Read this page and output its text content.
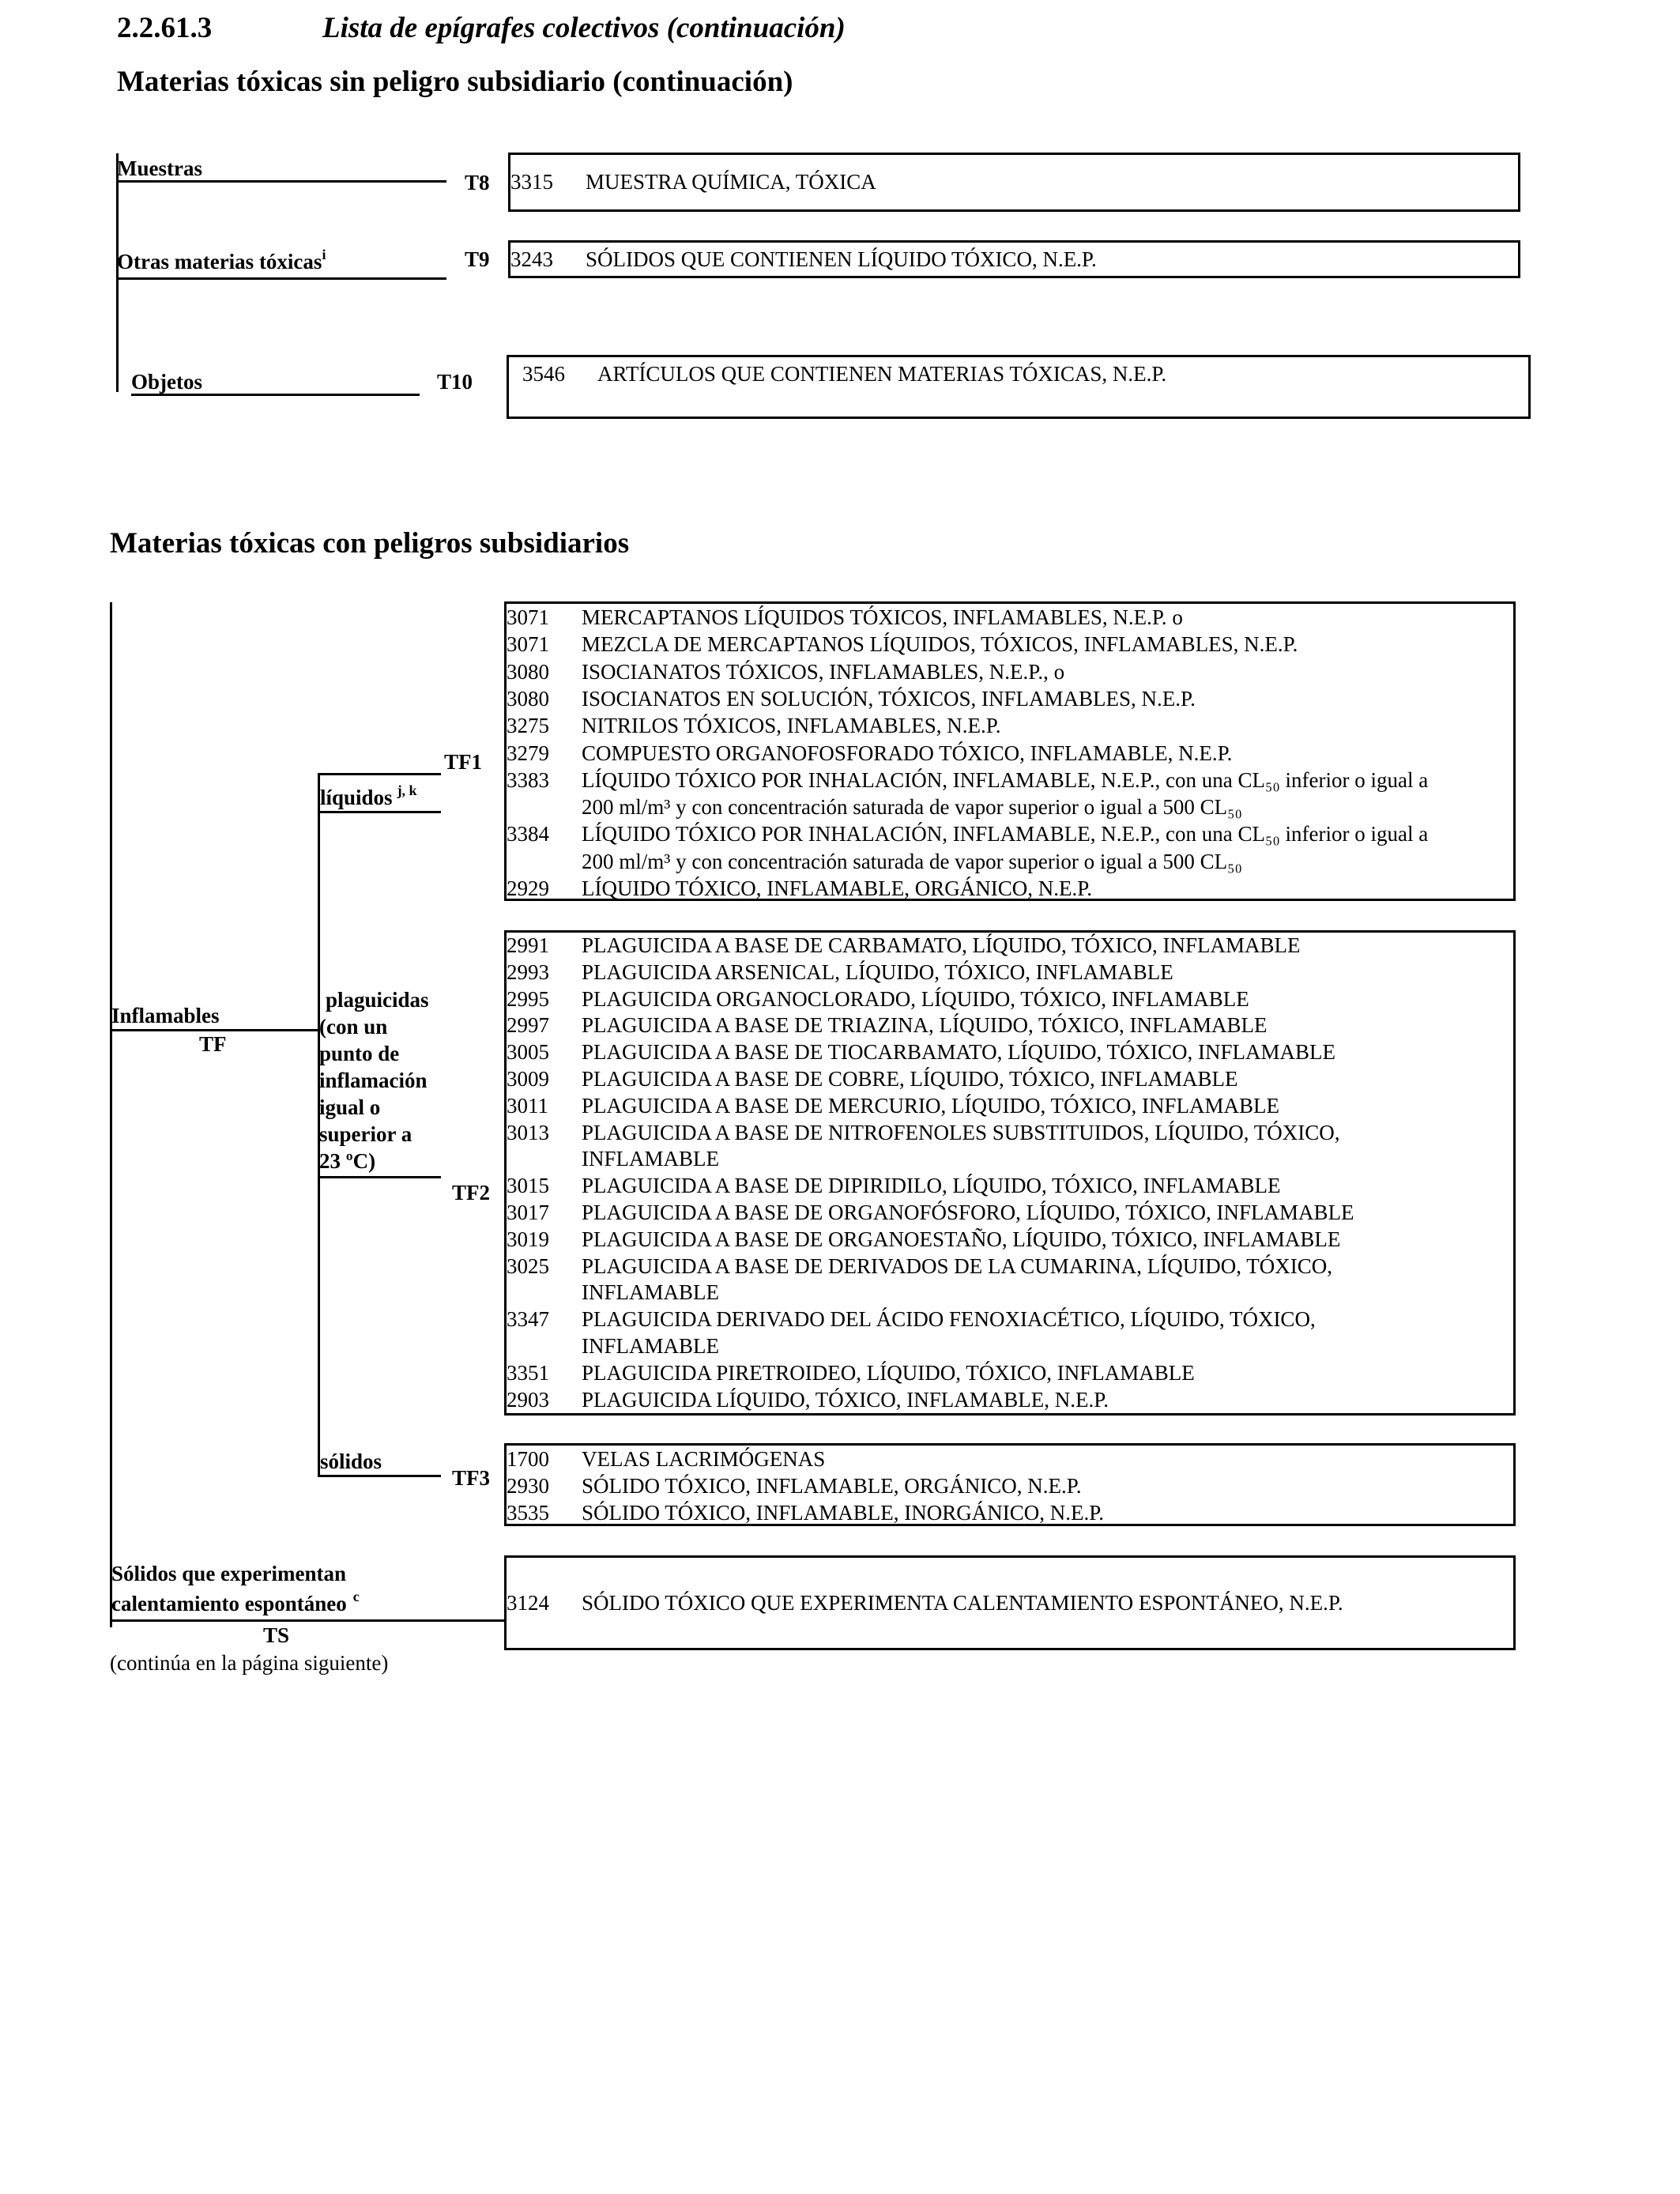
2.2.61.3	Lista de epígrafes colectivos (continuación)
Materias tóxicas sin peligro subsidiario (continuación)
Muestras
T8 3315 MUESTRA QUÍMICA, TÓXICA
Otras materias tóxicas$^i$	T9 3243 SÓLIDOS QUE CONTIENEN LÍQUIDO TÓXICO, N.E.P.
Objetos	T10 3546 ARTÍCULOS QUE CONTIENEN MATERIAS TÓXICAS, N.E.P.
Materias tóxicas con peligros subsidiarios
Inflamables
TF
TF1
líquidos $^{j, k}$
3071 MERCAPTANOS LÍQUIDOS TÓXICOS, INFLAMABLES, N.E.P. o
3071 MEZCLA DE MERCAPTANOS LÍQUIDOS, TÓXICOS, INFLAMABLES, N.E.P.
3080 ISOCIANATOS TÓXICOS, INFLAMABLES, N.E.P., o
3080 ISOCIANATOS EN SOLUCIÓN, TÓXICOS, INFLAMABLES, N.E.P.
3275 NITRILOS TÓXICOS, INFLAMABLES, N.E.P.
3279 COMPUESTO ORGANOFOSFORADO TÓXICO, INFLAMABLE, N.E.P.
3383 LÍQUIDO TÓXICO POR INHALACIÓN, INFLAMABLE, N.E.P., con una CL₅₀ inferior o igual a
200 ml/m³ y con concentración saturada de vapor superior o igual a 500 CL₅₀
3384 LÍQUIDO TÓXICO POR INHALACIÓN, INFLAMABLE, N.E.P., con una CL₅₀ inferior o igual a
200 ml/m³ y con concentración saturada de vapor superior o igual a 500 CL₅₀
2929 LÍQUIDO TÓXICO, INFLAMABLE, ORGÁNICO, N.E.P.
TF2
plaguicidas
(con un
punto de
inflamación
igual o
superior a
23 ºC)
2991 PLAGUICIDA A BASE DE CARBAMATO, LÍQUIDO, TÓXICO, INFLAMABLE
2993 PLAGUICIDA ARSENICAL, LÍQUIDO, TÓXICO, INFLAMABLE
2995 PLAGUICIDA ORGANOCLORADO, LÍQUIDO, TÓXICO, INFLAMABLE
2997 PLAGUICIDA A BASE DE TRIAZINA, LÍQUIDO, TÓXICO, INFLAMABLE
3005 PLAGUICIDA A BASE DE TIOCARBAMATO, LÍQUIDO, TÓXICO, INFLAMABLE
3009 PLAGUICIDA A BASE DE COBRE, LÍQUIDO, TÓXICO, INFLAMABLE
3011 PLAGUICIDA A BASE DE MERCURIO, LÍQUIDO, TÓXICO, INFLAMABLE
3013 PLAGUICIDA A BASE DE NITROFENOLES SUBSTITUIDOS, LÍQUIDO, TÓXICO,
INFLAMABLE
3015 PLAGUICIDA A BASE DE DIPIRIDILO, LÍQUIDO, TÓXICO, INFLAMABLE
3017 PLAGUICIDA A BASE DE ORGANOFÓSFORO, LÍQUIDO, TÓXICO, INFLAMABLE
3019 PLAGUICIDA A BASE DE ORGANOESTAÑO, LÍQUIDO, TÓXICO, INFLAMABLE
3025 PLAGUICIDA A BASE DE DERIVADOS DE LA CUMARINA, LÍQUIDO, TÓXICO,
INFLAMABLE
3347 PLAGUICIDA DERIVADO DEL ÁCIDO FENOXIACÉTICO, LÍQUIDO, TÓXICO,
INFLAMABLE
3351 PLAGUICIDA PIRETROIDEO, LÍQUIDO, TÓXICO, INFLAMABLE
2903 PLAGUICIDA LÍQUIDO, TÓXICO, INFLAMABLE, N.E.P.
TF3
sólidos	1700 VELAS LACRIMÓGENAS
2930 SÓLIDO TÓXICO, INFLAMABLE, ORGÁNICO, N.E.P.
3535 SÓLIDO TÓXICO, INFLAMABLE, INORGÁNICO, N.E.P.
Sólidos que experimentan
calentamiento espontáneo $^c$
TS
3124 SÓLIDO TÓXICO QUE EXPERIMENTA CALENTAMIENTO ESPONTÁNEO, N.E.P.
(continúa en la página siguiente)
